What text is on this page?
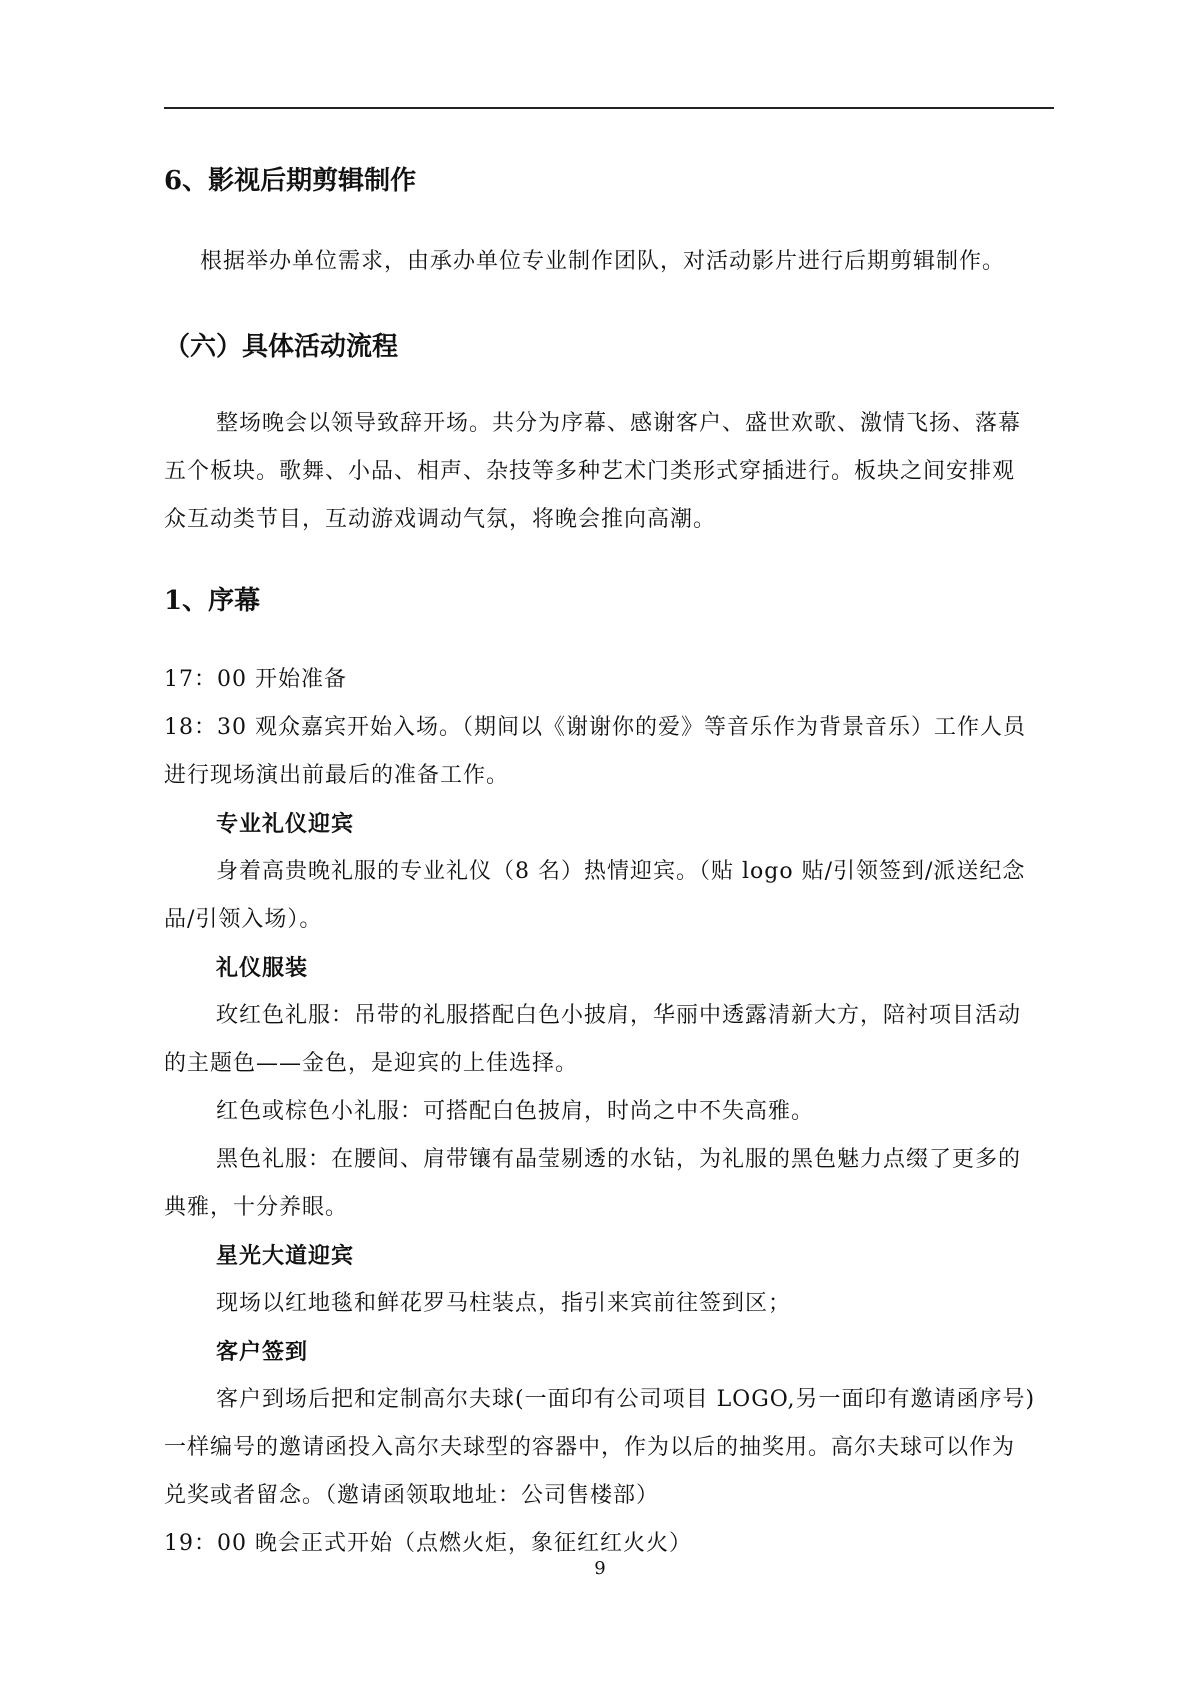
6、影视后期剪辑制作

根据举办单位需求，由承办单位专业制作团队，对活动影片进行后期剪辑制作。

（六）具体活动流程
整场晚会以领导致辞开场。共分为序幕、感谢客户、盛世欢歌、激情飞扬、落幕
五个板块。歌舞、小品、相声、杂技等多种艺术门类形式穿插进行。板块之间安排观
众互动类节目，互动游戏调动气氛，将晚会推向高潮。
1、序幕
17：00 开始准备
18：30 观众嘉宾开始入场。（期间以《谢谢你的爱》等音乐作为背景音乐）工作人员
进行现场演出前最后的准备工作。
专业礼仪迎宾
身着高贵晚礼服的专业礼仪（8 名）热情迎宾。（贴 logo 贴/引领签到/派送纪念
品/引领入场）。
礼仪服装
玫红色礼服：吊带的礼服搭配白色小披肩，华丽中透露清新大方，陪衬项目活动
的主题色——金色，是迎宾的上佳选择。
红色或棕色小礼服：可搭配白色披肩，时尚之中不失高雅。
黑色礼服：在腰间、肩带镶有晶莹剔透的水钻，为礼服的黑色魅力点缀了更多的
典雅，十分养眼。
星光大道迎宾
现场以红地毯和鲜花罗马柱装点，指引来宾前往签到区；
客户签到
客户到场后把和定制高尔夫球(一面印有公司项目 LOGO,另一面印有邀请函序号)
一样编号的邀请函投入高尔夫球型的容器中，作为以后的抽奖用。高尔夫球可以作为
兑奖或者留念。（邀请函领取地址：公司售楼部）
19：00 晚会正式开始（点燃火炬，象征红红火火）
9
